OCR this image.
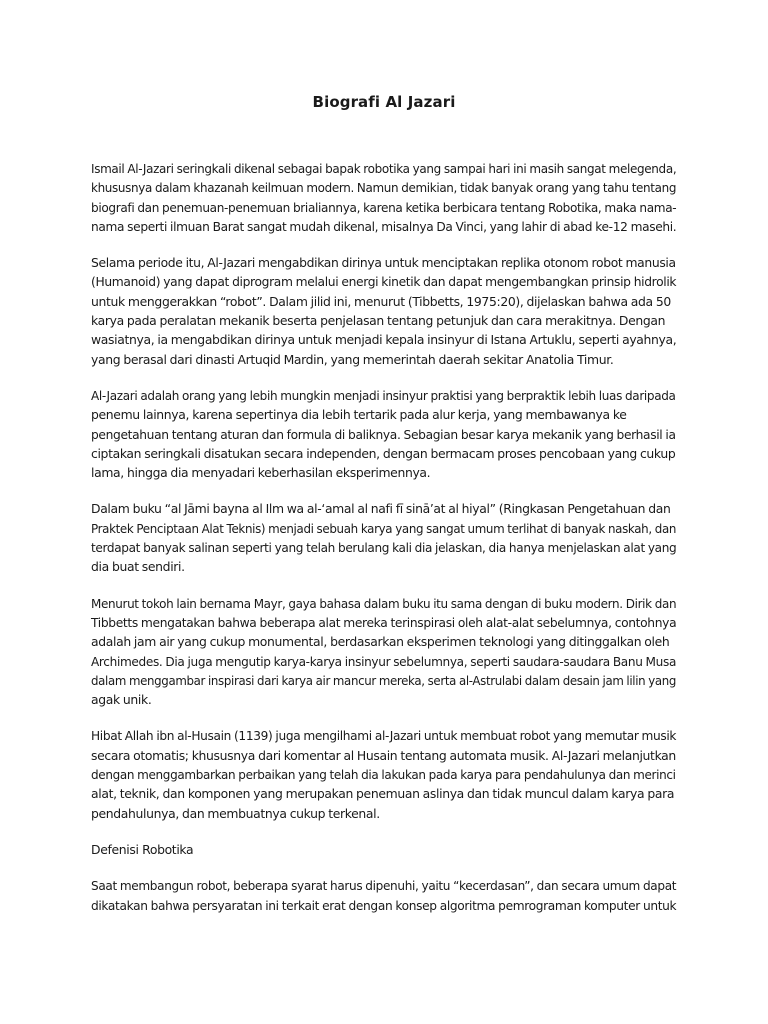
Biografi Al Jazari

Ismail Al-Jazari seringkali dikenal sebagai bapak robotika yang sampai hari ini masih sangat melegenda,
khususnya dalam khazanah keilmuan modern. Namun demikian, tidak banyak orang yang tahu tentang
biografi dan penemuan-penemuan brialiannya, karena ketika berbicara tentang Robotika, maka nama-
nama seperti ilmuan Barat sangat mudah dikenal, misalnya Da Vinci, yang lahir di abad ke-12 masehi.

Selama periode itu, Al-Jazari mengabdikan dirinya untuk menciptakan replika otonom robot manusia
(Humanoid) yang dapat diprogram melalui energi kinetik dan dapat mengembangkan prinsip hidrolik
untuk menggerakkan “robot”. Dalam jilid ini, menurut (Tibbetts, 1975:20), dijelaskan bahwa ada 50
karya pada peralatan mekanik beserta penjelasan tentang petunjuk dan cara merakitnya. Dengan
wasiatnya, ia mengabdikan dirinya untuk menjadi kepala insinyur di Istana Artuklu, seperti ayahnya,
yang berasal dari dinasti Artuqid Mardin, yang memerintah daerah sekitar Anatolia Timur.

Al-Jazari adalah orang yang lebih mungkin menjadi insinyur praktisi yang berpraktik lebih luas daripada
penemu lainnya, karena sepertinya dia lebih tertarik pada alur kerja, yang membawanya ke
pengetahuan tentang aturan dan formula di baliknya. Sebagian besar karya mekanik yang berhasil ia
ciptakan seringkali disatukan secara independen, dengan bermacam proses pencobaan yang cukup
lama, hingga dia menyadari keberhasilan eksperimennya.

Dalam buku “al Jāmi bayna al Ilm wa al-‘amal al nafi fī sinā’at al hiyal” (Ringkasan Pengetahuan dan
Praktek Penciptaan Alat Teknis) menjadi sebuah karya yang sangat umum terlihat di banyak naskah, dan
terdapat banyak salinan seperti yang telah berulang kali dia jelaskan, dia hanya menjelaskan alat yang
dia buat sendiri.

Menurut tokoh lain bernama Mayr, gaya bahasa dalam buku itu sama dengan di buku modern. Dirik dan
Tibbetts mengatakan bahwa beberapa alat mereka terinspirasi oleh alat-alat sebelumnya, contohnya
adalah jam air yang cukup monumental, berdasarkan eksperimen teknologi yang ditinggalkan oleh
Archimedes. Dia juga mengutip karya-karya insinyur sebelumnya, seperti saudara-saudara Banu Musa
dalam menggambar inspirasi dari karya air mancur mereka, serta al-Astrulabi dalam desain jam lilin yang
agak unik.

Hibat Allah ibn al-Husain (1139) juga mengilhami al-Jazari untuk membuat robot yang memutar musik
secara otomatis; khususnya dari komentar al Husain tentang automata musik. Al-Jazari melanjutkan
dengan menggambarkan perbaikan yang telah dia lakukan pada karya para pendahulunya dan merinci
alat, teknik, dan komponen yang merupakan penemuan aslinya dan tidak muncul dalam karya para
pendahulunya, dan membuatnya cukup terkenal.

Defenisi Robotika

Saat membangun robot, beberapa syarat harus dipenuhi, yaitu “kecerdasan”, dan secara umum dapat
dikatakan bahwa persyaratan ini terkait erat dengan konsep algoritma pemrograman komputer untuk
